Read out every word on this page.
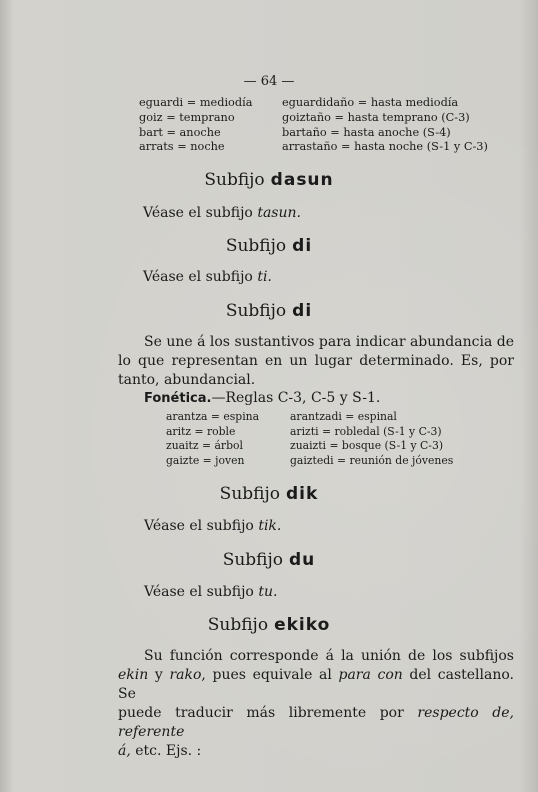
— 64 —
eguardi = mediodía
goiz = temprano
bart = anoche
arrats = noche
eguardidaño = hasta mediodía
goiztaño = hasta temprano (C-3)
bartaño = hasta anoche (S-4)
arrastaño = hasta noche (S-1 y C-3)
Subfijo dasun
Véase el subfijo tasun.
Subfijo di
Véase el subfijo ti.
Subfijo di

Se une á los sustantivos para indicar abundancia de

lo que representan en un lugar determinado. Es, por

tanto, abundancial.

Fonética.—Reglas C-3, C-5 y S-1.
arantza = espina
aritz = roble
zuaitz = árbol
gaizte = joven
arantzadi = espinal
arizti = robledal (S-1 y C-3)
zuaizti = bosque (S-1 y C-3)
gaiztedi = reunión de jóvenes
Subfijo dik
Véase el subfijo tik.
Subfijo du
Véase el subfijo tu.
Subfijo ekiko

Su función corresponde á la unión de los subfijos

ekin y rako, pues equivale al para con del castellano. Se

puede traducir más libremente por respecto de, referente

á, etc. Ejs. :
